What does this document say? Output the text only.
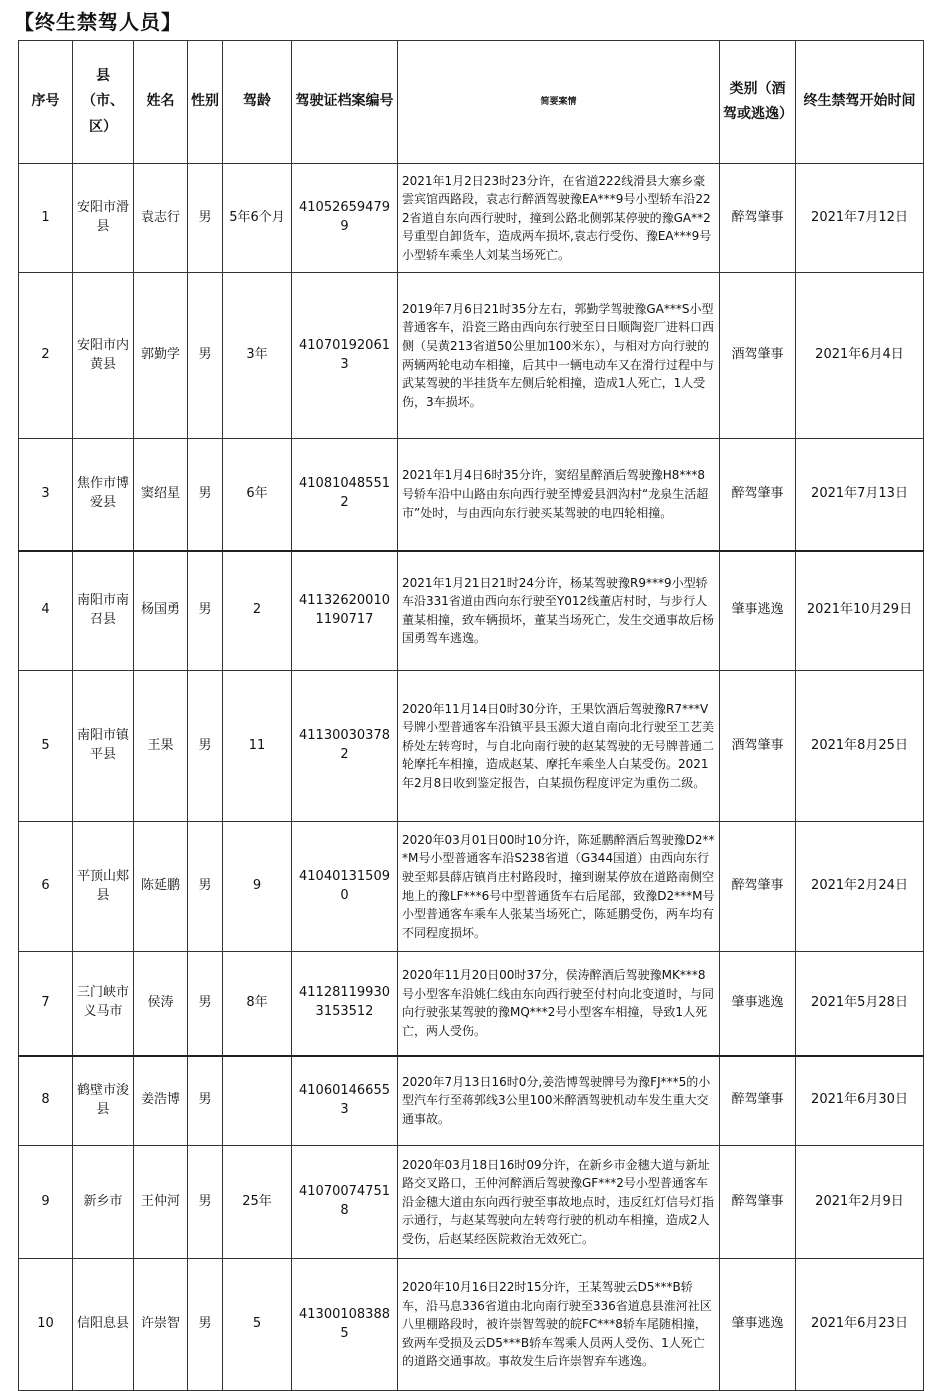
【终生禁驾人员】
序号	县（市、区）	姓名	性别	驾龄	驾驶证档案编号	简要案情	类别（酒驾或逃逸）	终生禁驾开始时间
1	安阳市滑县	袁志行	男	5年6个月	410526594799	2021年1月2日23时23分许，在省道222线滑县大寨乡豪雲宾馆西路段，袁志行醉酒驾驶豫EA***9号小型轿车沿222省道自东向西行驶时，撞到公路北侧郭某停驶的豫GA**2号重型自卸货车，造成两车损坏,袁志行受伤、豫EA***9号小型轿车乘坐人刘某当场死亡。	醉驾肇事	2021年7月12日
2	安阳市内黄县	郭勤学	男	3年	410701920613	2019年7月6日21时35分左右，郭勤学驾驶豫GA***S小型普通客车，沿瓷三路由西向东行驶至日日顺陶瓷厂进料口西侧（吴黄213省道50公里加100米东），与相对方向行驶的两辆两轮电动车相撞，后其中一辆电动车又在滑行过程中与武某驾驶的半挂货车左侧后轮相撞，造成1人死亡，1人受伤，3车损坏。	酒驾肇事	2021年6月4日
3	焦作市博爱县	窦绍星	男	6年	410810485512	2021年1月4日6时35分许，窦绍星醉酒后驾驶豫H8***8号轿车沿中山路由东向西行驶至博爱县泗沟村“龙泉生活超市”处时，与由西向东行驶买某驾驶的电四轮相撞。	醉驾肇事	2021年7月13日
4	南阳市南召县	杨国勇	男	2	411326200101190717	2021年1月21日21时24分许，杨某驾驶豫R9***9小型轿车沿331省道由西向东行驶至Y012线董店村时，与步行人董某相撞，致车辆损坏，董某当场死亡，发生交通事故后杨国勇驾车逃逸。	肇事逃逸	2021年10月29日
5	南阳市镇平县	王果	男	11	411300303782	2020年11月14日0时30分许，王果饮酒后驾驶豫R7***V号牌小型普通客车沿镇平县玉源大道自南向北行驶至工艺美桥处左转弯时，与自北向南行驶的赵某驾驶的无号牌普通二轮摩托车相撞，造成赵某、摩托车乘坐人白某受伤。2021年2月8日收到鉴定报告，白某损伤程度评定为重伤二级。	酒驾肇事	2021年8月25日
6	平顶山郏县	陈延鹏	男	9	410401315090	2020年03月01日00时10分许，陈延鹏醉酒后驾驶豫D2***M号小型普通客车沿S238省道（G344国道）由西向东行驶至郏县薛店镇肖庄村路段时，撞到谢某停放在道路南侧空地上的豫LF***6号中型普通货车右后尾部，致豫D2***M号小型普通客车乘车人张某当场死亡，陈延鹏受伤，两车均有不同程度损坏。	醉驾肇事	2021年2月24日
7	三门峡市义马市	侯涛	男	8年	411281199303153512	2020年11月20日00时37分，侯涛醉酒后驾驶豫MK***8号小型客车沿姚仁线由东向西行驶至付村向北变道时，与同向行驶张某驾驶的豫MQ***2号小型客车相撞，导致1人死亡，两人受伤。	肇事逃逸	2021年5月28日
8	鹤壁市浚县	姜浩博	男		410601466553	2020年7月13日16时0分,姜浩博驾驶牌号为豫FJ***5的小型汽车行至蒋郭线3公里100米醉酒驾驶机动车发生重大交通事故。	醉驾肇事	2021年6月30日
9	新乡市	王仲河	男	25年	410700747518	2020年03月18日16时09分许，在新乡市金穗大道与新址路交叉路口，王仲河醉酒后驾驶豫GF***2号小型普通客车沿金穗大道由东向西行驶至事故地点时，违反红灯信号灯指示通行，与赵某驾驶向左转弯行驶的机动车相撞，造成2人受伤，后赵某经医院救治无效死亡。	醉驾肇事	2021年2月9日
10	信阳息县	许崇智	男	5	413001083885	2020年10月16日22时15分许，王某驾驶云D5***B轿车，沿马息336省道由北向南行驶至336省道息县淮河社区八里棚路段时，被许崇智驾驶的皖FC***8轿车尾随相撞，致两车受损及云D5***B轿车驾乘人员两人受伤、1人死亡的道路交通事故。事故发生后许崇智弃车逃逸。	肇事逃逸	2021年6月23日
